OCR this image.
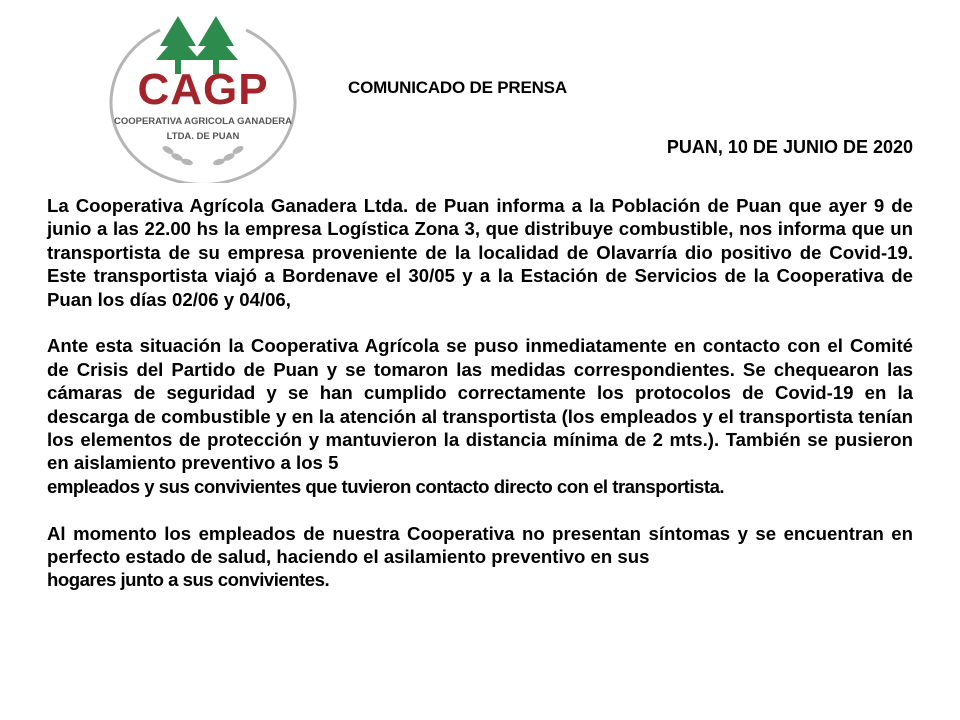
CAGP
COOPERATIVA AGRICOLA GANADERA
LTDA. DE PUAN
COMUNICADO DE PRENSA
PUAN, 10 DE JUNIO DE 2020

La Cooperativa Agrícola Ganadera Ltda. de Puan informa a la Población de Puan que ayer 9 de junio a las 22.00 hs la empresa Logística Zona 3, que distribuye combustible, nos informa que un transportista de su empresa proveniente de la localidad de Olavarría dio positivo de Covid-19. Este transportista viajó a Bordenave el 30/05 y a la Estación de Servicios de la Cooperativa de Puan los días 02/06 y 04/06,

Ante esta situación la Cooperativa Agrícola se puso inmediatamente en contacto con el Comité de Crisis del Partido de Puan y se tomaron las medidas correspondientes. Se chequearon las cámaras de seguridad y se han cumplido correctamente los protocolos de Covid-19 en la descarga de combustible y en la atención al transportista (los empleados y el transportista tenían los elementos de protección y mantuvieron la distancia mínima de 2 mts.). También se pusieron en aislamiento preventivo a los 5
empleados y sus convivientes que tuvieron contacto directo con el transportista.

Al momento los empleados de nuestra Cooperativa no presentan síntomas y se encuentran en perfecto estado de salud, haciendo el asilamiento preventivo en sus
hogares junto a sus convivientes.
